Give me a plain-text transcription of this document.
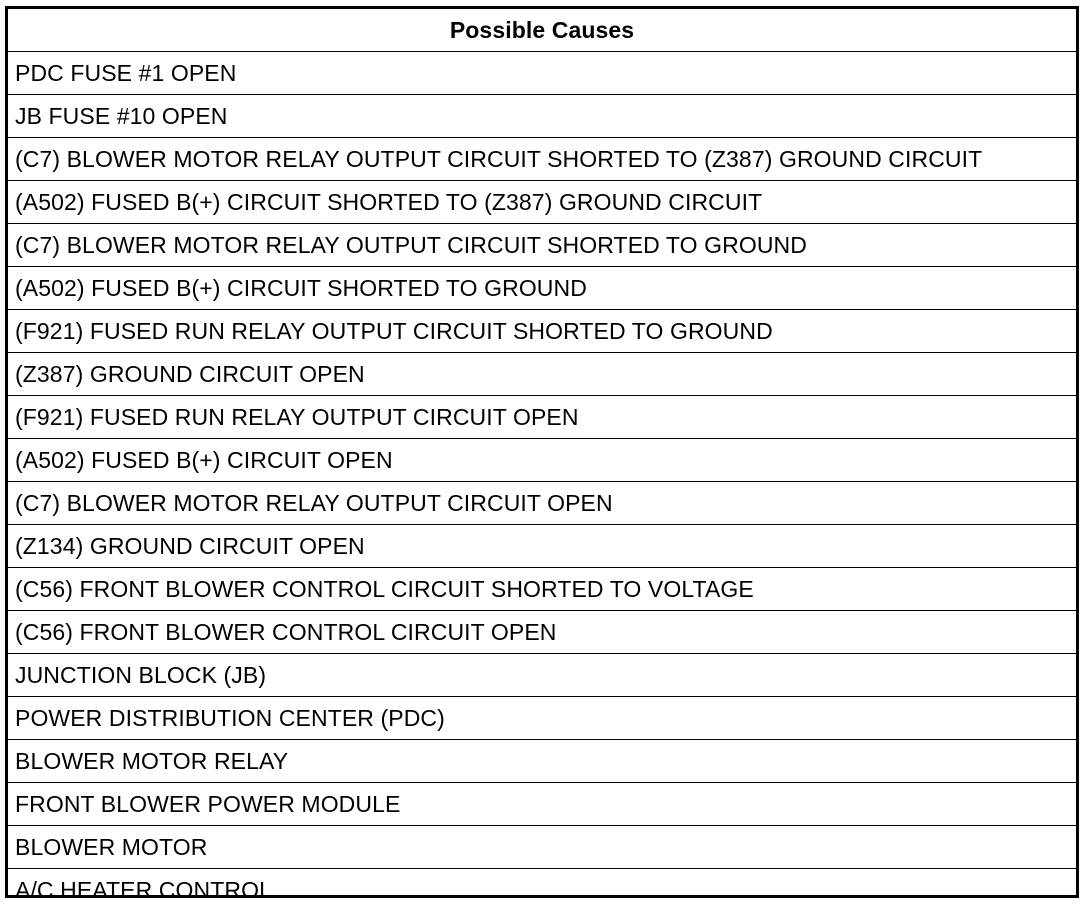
Possible Causes
PDC FUSE #1 OPEN
JB FUSE #10 OPEN
(C7) BLOWER MOTOR RELAY OUTPUT CIRCUIT SHORTED TO (Z387) GROUND CIRCUIT
(A502) FUSED B(+) CIRCUIT SHORTED TO (Z387) GROUND CIRCUIT
(C7) BLOWER MOTOR RELAY OUTPUT CIRCUIT SHORTED TO GROUND
(A502) FUSED B(+) CIRCUIT SHORTED TO GROUND
(F921) FUSED RUN RELAY OUTPUT CIRCUIT SHORTED TO GROUND
(Z387) GROUND CIRCUIT OPEN
(F921) FUSED RUN RELAY OUTPUT CIRCUIT OPEN
(A502) FUSED B(+) CIRCUIT OPEN
(C7) BLOWER MOTOR RELAY OUTPUT CIRCUIT OPEN
(Z134) GROUND CIRCUIT OPEN
(C56) FRONT BLOWER CONTROL CIRCUIT SHORTED TO VOLTAGE
(C56) FRONT BLOWER CONTROL CIRCUIT OPEN
JUNCTION BLOCK (JB)
POWER DISTRIBUTION CENTER (PDC)
BLOWER MOTOR RELAY
FRONT BLOWER POWER MODULE
BLOWER MOTOR
A/C HEATER CONTROL
